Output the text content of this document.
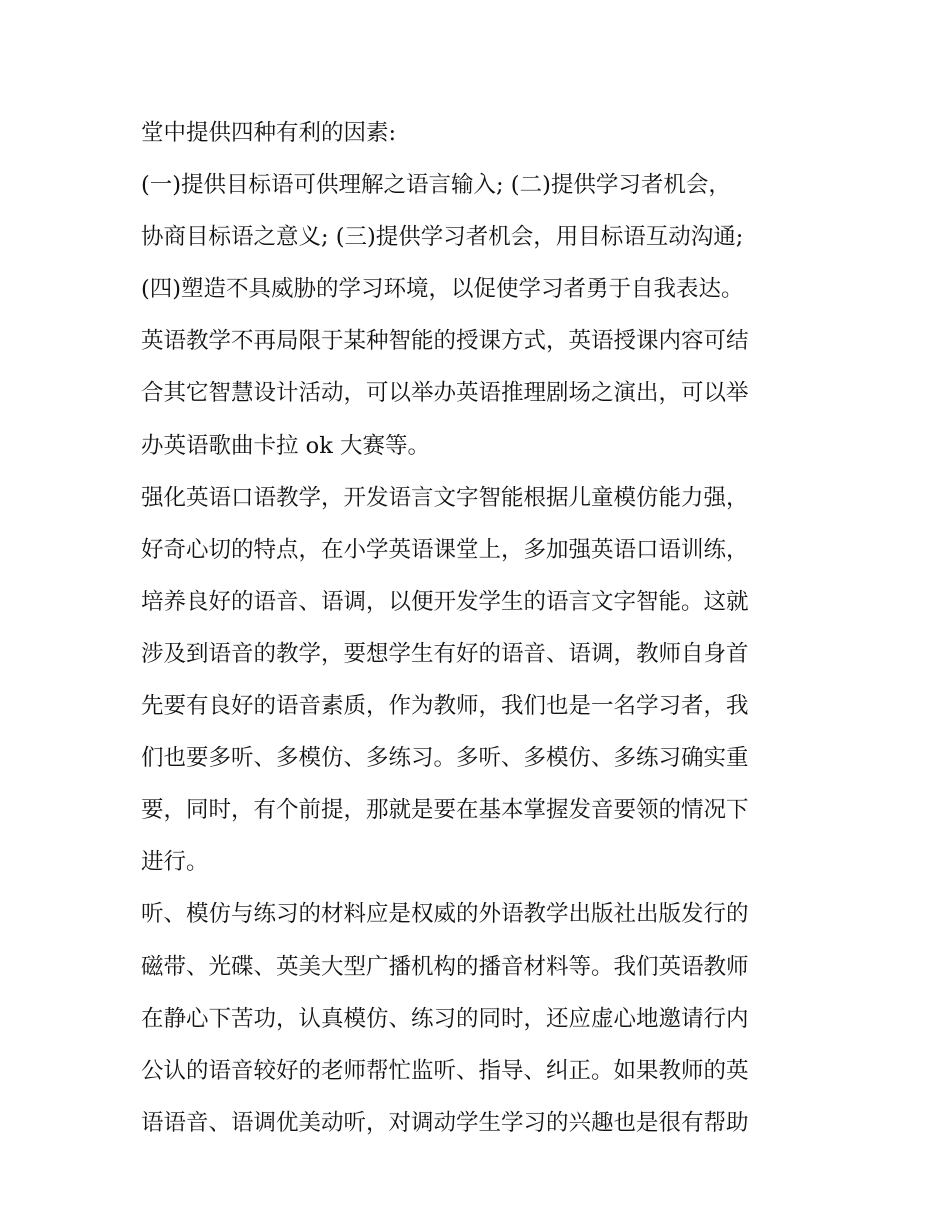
堂中提供四种有利的因素:
(一)提供目标语可供理解之语言输入; (二)提供学习者机会，
协商目标语之意义; (三)提供学习者机会，用目标语互动沟通;
(四)塑造不具威胁的学习环境，以促使学习者勇于自我表达。
英语教学不再局限于某种智能的授课方式，英语授课内容可结
合其它智慧设计活动，可以举办英语推理剧场之演出，可以举
办英语歌曲卡拉 ok 大赛等。
强化英语口语教学，开发语言文字智能根据儿童模仿能力强，
好奇心切的特点，在小学英语课堂上，多加强英语口语训练，
培养良好的语音、语调，以便开发学生的语言文字智能。这就
涉及到语音的教学，要想学生有好的语音、语调，教师自身首
先要有良好的语音素质，作为教师，我们也是一名学习者，我
们也要多听、多模仿、多练习。多听、多模仿、多练习确实重
要，同时，有个前提，那就是要在基本掌握发音要领的情况下
进行。
听、模仿与练习的材料应是权威的外语教学出版社出版发行的
磁带、光碟、英美大型广播机构的播音材料等。我们英语教师
在静心下苦功，认真模仿、练习的同时，还应虚心地邀请行内
公认的语音较好的老师帮忙监听、指导、纠正。如果教师的英
语语音、语调优美动听，对调动学生学习的兴趣也是很有帮助
